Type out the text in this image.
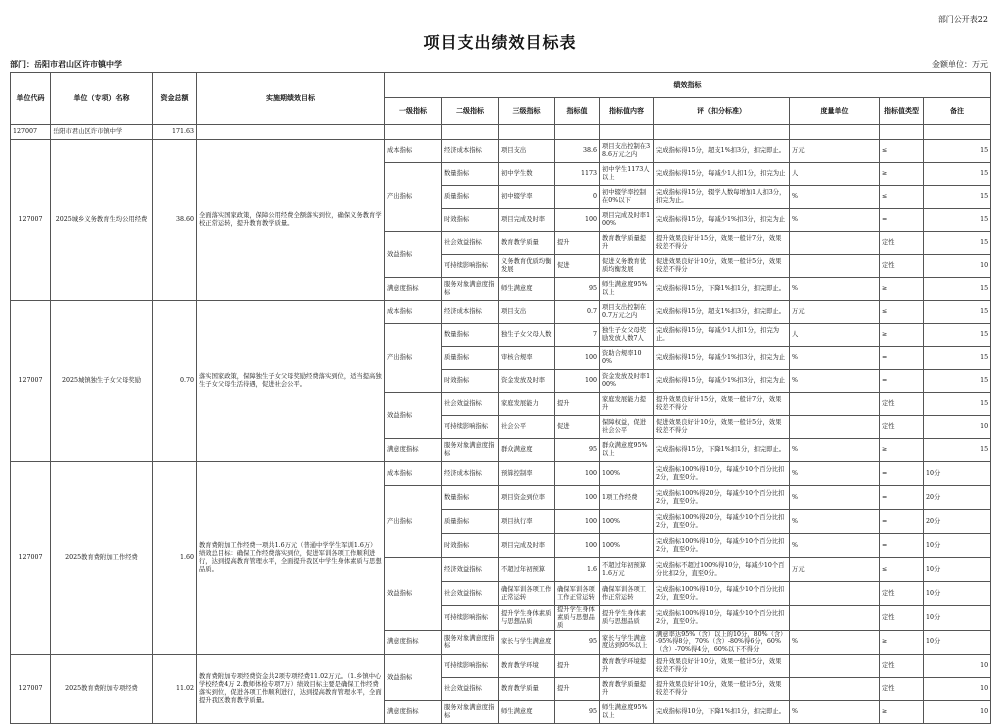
部门公开表22
项目支出绩效目标表
部门：岳阳市君山区许市镇中学	金额单位：万元
单位代码	单位（专项）名称	资金总额	实施期绩效目标	绩效指标								
				一级指标	二级指标	三级指标	指标值	指标值内容	评（扣分标准）	度量单位	指标值类型	备注
127007	岳阳市君山区许市镇中学	171.63										
127007	2025城乡义务教育生均公用经费	38.60	全面落实国家政策，保障公用经费全额落实到位，确保义务教育学校正常运转，提升教育教学质量。	成本指标	经济成本指标	项目支出	38.6	项目支出控制在38.6万元之内	完成指标得15分，超支1%扣3分，扣完即止。	万元	≤	15
				产出指标	数量指标	初中学生数	1173	初中学生1173人以上	完成指标得15分，每减少1人扣1分，扣完为止	人	≥	15
					质量指标	初中辍学率	0	初中辍学率控制在0%以下	完成指标得15分，辍学人数每增加1人扣3分，扣完为止。	%	≤	15
					时效指标	项目完成及时率	100	项目完成及时率100%	完成指标得15分，每减少1%扣3分，扣完为止	%	=	15
				效益指标	社会效益指标	教育教学质量	提升	教育教学质量提升	提升效果良好计15分，效果一般计7分，效果较差不得分		定性	15
					可持续影响指标	义务教育优质均衡发展	促进	促进义务教育优质均衡发展	促进效果良好计10分，效果一般计5分，效果较差不得分		定性	10
				满意度指标	服务对象满意度指标	师生满意度	95	师生满意度95%以上	完成指标得15分，下降1%扣1分，扣完即止。	%	≥	15
127007	2025城镇独生子女父母奖励	0.70	落实国家政策，保障独生子女父母奖励经费落实到位，适当提高独生子女父母生活待遇，促进社会公平。	成本指标	经济成本指标	项目支出	0.7	项目支出控制在0.7万元之内	完成指标得15分，超支1%扣3分，扣完即止。	万元	≤	15
				产出指标	数量指标	独生子女父母人数	7	独生子女父母奖励发放人数7人	完成指标得15分，每减少1人扣1分，扣完为止。	人	≥	15
					质量指标	审核合规率	100	资助合规率100%	完成指标得15分，每减少1%扣3分，扣完为止	%	=	15
					时效指标	资金发放及时率	100	资金发放及时率100%	完成指标得15分，每减少1%扣3分，扣完为止	%	=	15
				效益指标	社会效益指标	家庭发展能力	提升	家庭发展能力提升	提升效果良好计15分，效果一般计7分，效果较差不得分		定性	15
					可持续影响指标	社会公平	促进	保障权益，促进社会公平	促进效果良好计10分，效果一般计5分，效果较差不得分		定性	10
				满意度指标	服务对象满意度指标	群众满意度	95	群众满意度95%以上	完成指标得15分，下降1%扣1分，扣完即止。	%	≥	15
127007	2025教育费附加工作经费	1.60	教育费附加工作经费一项共1.6万元（普通中学学生军训1.6万）绩效总目标：确保工作经费落实到位，促进军训各项工作顺利进行，达到提高教育管理水平，全面提升我区中学生身体素质与思想品质。	成本指标	经济成本指标	预算控制率	100	100%	完成指标100%得10分，每减少10个百分比扣2分，直至0分。	%	=	10分
				产出指标	数量指标	项目资金到位率	100	1项工作经费	完成指标100%得20分，每减少10个百分比扣2分，直至0分。	%	=	20分
					质量指标	项目执行率	100	100%	完成指标100%得20分，每减少10个百分比扣2分，直至0分。	%	=	20分
					时效指标	项目完成及时率	100	100%	完成指标100%得10分，每减少10个百分比扣2分，直至0分。	%	=	10分
				效益指标	经济效益指标	不超过年初预算	1.6	不超过年初预算1.6万元	完成指标不超过100%得10分，每减少10个百分比扣2分，直至0分。	万元	≤	10分
					社会效益指标	确保军训各项工作正常运转	确保军训各项工作正常运转	确保军训各项工作正常运转	完成指标100%得10分，每减少10个百分比扣2分，直至0分。		定性	10分
					可持续影响指标	提升学生身体素质与思想品质	提升学生身体素质与思想品质	提升学生身体素质与思想品质	完成指标100%得10分，每减少10个百分比扣2分，直至0分。		定性	10分
				满意度指标	服务对象满意度指标	家长与学生满意度	95	家长与学生满意度达到95%以上	满意率达95%（含）以上的10分，80%（含）-95%得8分，70%（含）-80%得6分，60%（含）-70%得4分，60%以下不得分	%	≥	10分
127007	2025教育费附加专项经费	11.02	教育费附加专项经费资金共2项专项经费11.02万元。（1.乡镇中心学校经费4万 2.教师体检专项7万）绩效目标主要是确保工作经费落实到位，促进各项工作顺利进行，达到提高教育管理水平，全面提升我区教育教学质量。	效益指标	可持续影响指标	教育教学环境	提升	教育教学环境提升	提升效果良好计10分，效果一般计5分，效果较差不得分		定性	10
					社会效益指标	教育教学质量	提升	教育教学质量提升	提升效果良好计10分，效果一般计5分，效果较差不得分		定性	10
				满意度指标	服务对象满意度指标	师生满意度	95	师生满意度95%以上	完成指标得10分，下降1%扣1分，扣完即止。	%	≥	10
